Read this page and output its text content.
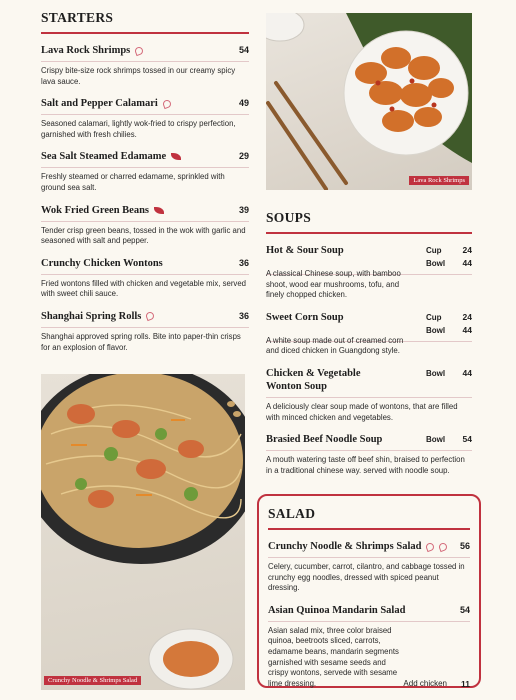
STARTERS
Lava Rock Shrimps	54
Crispy bite-size rock shrimps tossed in our creamy spicy lava sauce.
Salt and Pepper Calamari	49
Seasoned calamari, lightly wok-fried to crispy perfection, garnished with fresh chilies.
Sea Salt Steamed Edamame	29
Freshly steamed or charred edamame, sprinkled with ground sea salt.
Wok Fried Green Beans	39
Tender crisp green beans, tossed in the wok with garlic and seasoned with salt and pepper.
Crunchy Chicken Wontons	36
Fried wontons filled with chicken and vegetable mix, served with sweet chili sauce.
Shanghai Spring Rolls	36
Shanghai approved spring rolls. Bite into paper-thin crisps for an explosion of flavor.
Lava Rock Shrimps
SOUPS
Hot & Sour Soup	Cup	24
Bowl	44
A classical Chinese soup, with bamboo shoot, wood ear mushrooms, tofu, and finely chopped chicken.
Sweet Corn Soup	Cup	24
Bowl	44
A white soup made out of creamed corn and diced chicken in Guangdong style.
Chicken & Vegetable Wonton Soup
Bowl	44
A deliciously clear soup made of wontons, that are filled with minced chicken and vegetables.
Brasied Beef Noodle Soup	Bowl	54
A mouth watering taste off beef shin, braised to perfection in a traditional chinese way. served with noodle soup.
Crunchy Noodle & Shrimps Salad
SALAD
Crunchy Noodle & Shrimps Salad	56
Celery, cucumber, carrot, cilantro, and cabbage tossed in crunchy egg noodles, dressed with spiced peanut dressing.
Asian Quinoa Mandarin Salad	54
Asian salad mix, three color braised quinoa, beetroots sliced, carrots, edamame beans, mandarin segments garnished with sesame seeds and crispy wontons, servede with sesame lime dressing.	Add chicken 11
